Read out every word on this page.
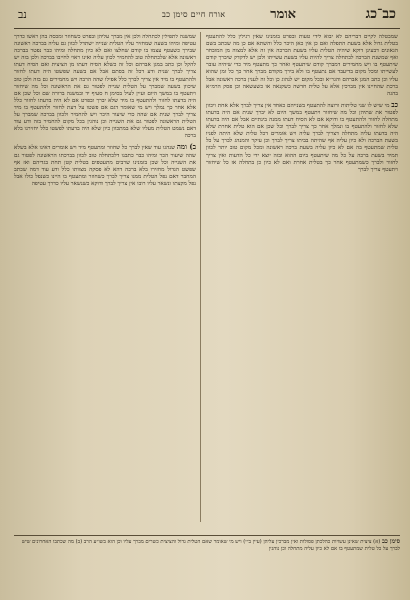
נב	אורח חיים סימן כב	אומר	כב־כג
שמשנה לתפילין לכתחלה ולכן אין מברך עליהן ובפרט כשחוזר ומכסה בהן ראשו כדרך עטיפה ומיהו בשעה שמחזיר עליו הטלית שנייה ישתדל לכוון גם עליה בברכה ראשונה שבירך כשעטף עצמו בו קודם שחלצו ואם לא כיון מתחלה ומיהו כבר נפטר בברכה ראשונה אלא שלכתחלה טוב להחמיר לכוון עליה ואינו ראוי לחייבו בברכה ולכן בזה יש להקל וכן כתב במגן אברהם וכל זה כשלא הסיח דעתו מן הציצית ואם הסיח דעתו צריך לברך שנית ודע דכל זה בסתם אבל אם בשעה שפשטו היה דעתו לחזור ולהתעטף בו מיד אין צריך לברך כלל אפילו שהה הרבה ויש מחמירים גם בזה ולכן טוב שיכוון בשעה שמברך על הטלית שנייה לפטור גם את הראשונה וכל מה שיחזור ויתעטף בו במשך היום ועיין לעיל בסימן ח סעיף יד ובמשנה ברורה שם וכל שכן אם היה בדעתו לחזור ולהתעטף בו מיד שלא יברך ובפרט אם לא היה בדעתו לחזור כלל אלא אחר כך נמלך ויש מי שאומר דגם אם פשטו על דעת לחזור ולהתעטף בו מיד צריך לברך שנית אם שהה כדי שיעור היכר ויש להחמיר ולכוון בברכה שמברך על הטלית הראשונה לפטור גם את השנייה וכן נוהגין בכל מקום להחמיר בזה ודע עוד דאם נשמט הטלית מעליו שלא במתכוון כיון שלא היה בדעתו לפשטו כלל יחזירנו בלא ברכה
ב) ומה שנהגו עוד שאין לברך כל שחוזר ומתעטף מיד ויש אומרים דאינו אלא בשלא שהה שיעור הכר ומיהו כבר כתבנו דלכתחלה טוב לכוון בברכתו הראשונה לפטור גם את השנייה וכל שכן בזמנינו שרבים מתעטפים בטלית קטן תחת בגדיהם ואז אף שפשט הגדול מחזירו בלא ברכה דהא לא פסקה מצוותו כלל ודע עוד דמה שכתב המחבר דאם נפל הטלית ממנו צריך לברך כשחוזר ומתעטף בו היינו כשנפל כולו אבל נפל מקצתו ונשאר עליו רובו אין צריך לברך ודוקא כשנשאר עליו כדרך עטיפה
שמבטלה לקיים דבריהם לא יבוא לידי טעות ובפרט בזמנינו שאין רגילין כלל להתעטף בטלית גדול אלא בשעת התפלה ואם כן אין כאן היכר כלל והשתא אם כן מה שכתב בשם הגאונים דבעינן דוקא שיהיה הטלית עליו בשעת הברכה אין זה אלא למצוה מן המובחר ואף שמשנת הברכה לכתחלה צריך להיות עליו בשעת עשייתו ולכן יש לדקדק שיברך קודם שיתעטף בו ויש מחמירים דמברך קודם שיתעטף ואחר כך מתעטף מיד כדי שיהיה עובר לעשייתו ומכל מקום בדיעבד אם נתעטף בו ולא בירך מקודם מברך אחר כך כל זמן שהוא עליו וכן כתב המגן אברהם והגר״א ובכל מקום יש לנהוג כן וכל זה לענין ברכה ראשונה אבל ברכת שהחיינו אין מברכין אלא על טלית חדשה כשקנאה או כשעשאה וכן פסק הרמ״א בהגה
כב מי שיש לו שני טליתות ורוצה להתעטף בשנייהם כאחד אין צריך לברך אלא אחת ויכוון לפטור את שתיהן וכל מה שיחזור ויתעטף במשך היום לא יברך שנית אם היה בדעתו מתחלה לחזור ולהתעטף בו ודוקא אם לא הסיח דעתו ממנה בינתיים אבל אם היה בדעתו שלא לחזור ולהתעטף בו ונמלך אחר כך צריך לברך וכל שכן אם הוא טלית אחרת שלא היה בדעתו עליה מתחלה דצריך לברך עליה ויש אומרים דכל טלית שלא היתה לפניו בשעת הברכה ולא כיון עליה אף שהיתה בביתו צריך לברך וכן עיקר והמנהג לברך על כל טלית שמתעטף בה אם לא כיון עליה בשעת ברכה ראשונה ומכל מקום טוב יותר לכוון תמיד בשעת ברכה על כל מה שיתעטף ביום ההוא ובזה יוצא ידי כל הדעות ואין צריך לחזור ולברך כשמתעטף אחר כך בטלית אחרת ואם לא כיון כן בתחלה אז כל שיחזור ויתעטף צריך לברך
סימן כב (א) ציצית שאינן עשויות כהלכתן פסולות ואין מברכין עליהן (עיין ב״י) ויש מי שאומר שאם הטלית גדול והציצית כשרים מברך עליו וכן הוא בשו״ע הרב (ב) מה שכתבו האחרונים שיש לברך על כל טלית שמתעטף בו אם לא כיון עליה מתחלה וכן נוהגין
